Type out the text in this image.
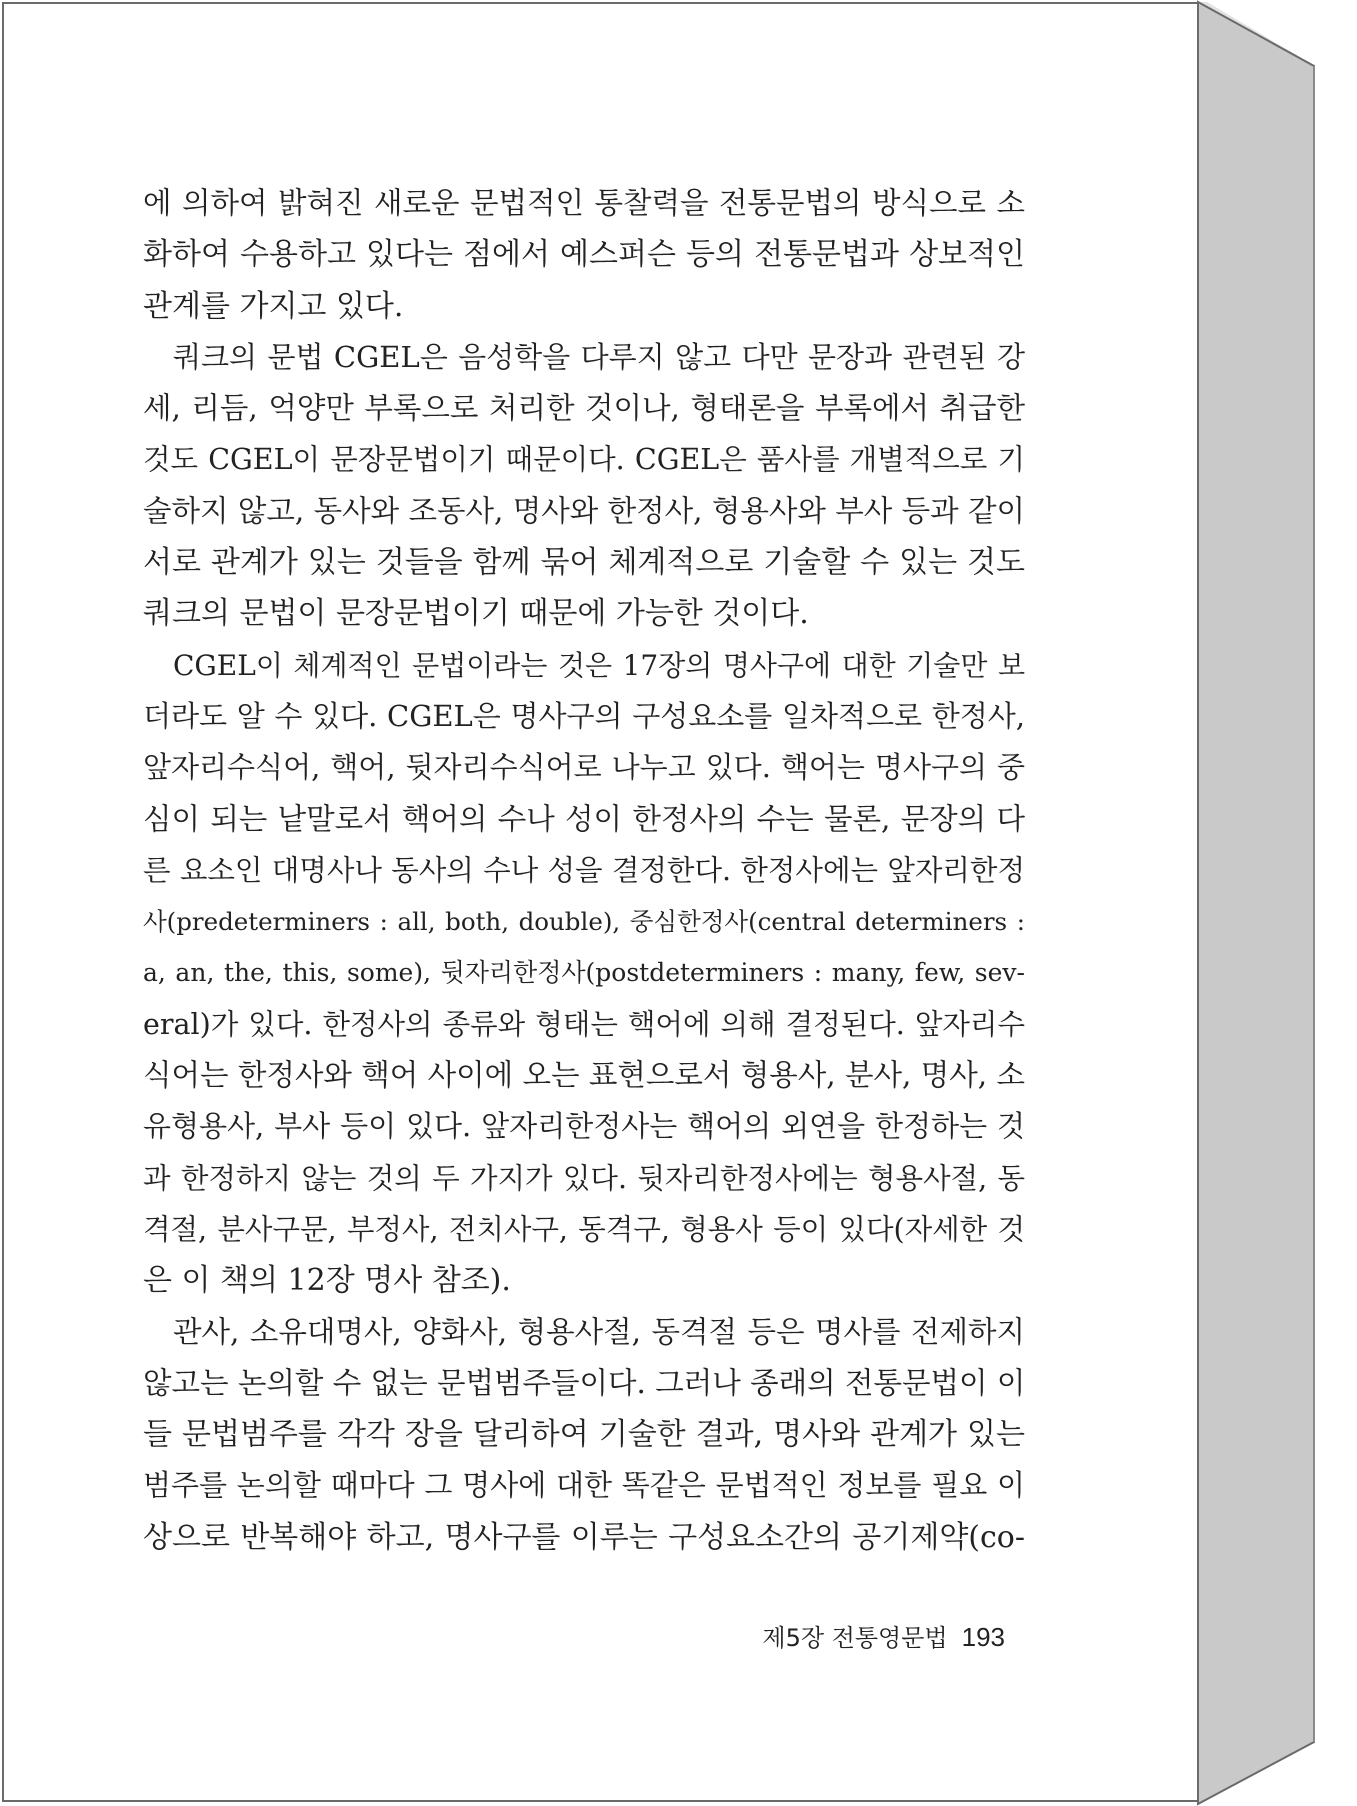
에 의하여 밝혀진 새로운 문법적인 통찰력을 전통문법의 방식으로 소
화하여 수용하고 있다는 점에서 예스퍼슨 등의 전통문법과 상보적인
관계를 가지고 있다.
쿼크의 문법 CGEL은 음성학을 다루지 않고 다만 문장과 관련된 강
세, 리듬, 억양만 부록으로 처리한 것이나, 형태론을 부록에서 취급한
것도 CGEL이 문장문법이기 때문이다. CGEL은 품사를 개별적으로 기
술하지 않고, 동사와 조동사, 명사와 한정사, 형용사와 부사 등과 같이
서로 관계가 있는 것들을 함께 묶어 체계적으로 기술할 수 있는 것도
쿼크의 문법이 문장문법이기 때문에 가능한 것이다.
CGEL이 체계적인 문법이라는 것은 17장의 명사구에 대한 기술만 보
더라도 알 수 있다. CGEL은 명사구의 구성요소를 일차적으로 한정사,
앞자리수식어, 핵어, 뒷자리수식어로 나누고 있다. 핵어는 명사구의 중
심이 되는 낱말로서 핵어의 수나 성이 한정사의 수는 물론, 문장의 다
른 요소인 대명사나 동사의 수나 성을 결정한다. 한정사에는 앞자리한정
사(predeterminers : all, both, double), 중심한정사(central determiners :
a, an, the, this, some), 뒷자리한정사(postdeterminers : many, few, sev-
eral)가 있다. 한정사의 종류와 형태는 핵어에 의해 결정된다. 앞자리수
식어는 한정사와 핵어 사이에 오는 표현으로서 형용사, 분사, 명사, 소
유형용사, 부사 등이 있다. 앞자리한정사는 핵어의 외연을 한정하는 것
과 한정하지 않는 것의 두 가지가 있다. 뒷자리한정사에는 형용사절, 동
격절, 분사구문, 부정사, 전치사구, 동격구, 형용사 등이 있다(자세한 것
은 이 책의 12장 명사 참조).
관사, 소유대명사, 양화사, 형용사절, 동격절 등은 명사를 전제하지
않고는 논의할 수 없는 문법범주들이다. 그러나 종래의 전통문법이 이
들 문법범주를 각각 장을 달리하여 기술한 결과, 명사와 관계가 있는
범주를 논의할 때마다 그 명사에 대한 똑같은 문법적인 정보를 필요 이
상으로 반복해야 하고, 명사구를 이루는 구성요소간의 공기제약(co-
제5장 전통영문법 193
